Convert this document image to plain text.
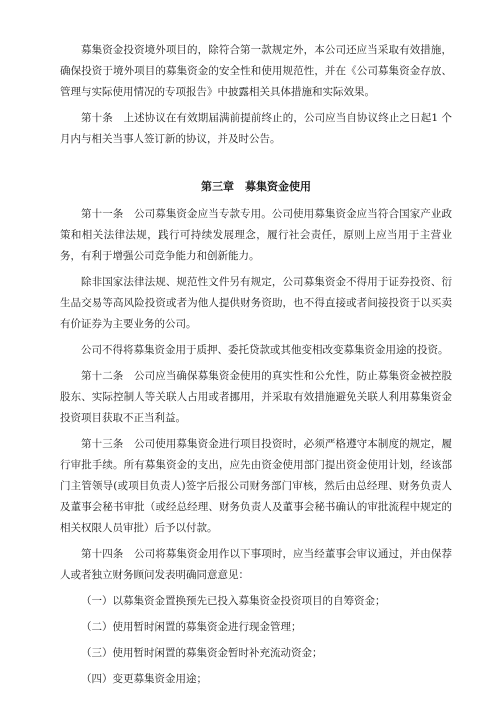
募集资金投资境外项目的，除符合第一款规定外，本公司还应当采取有效措施，确保投资于境外项目的募集资金的安全性和使用规范性，并在《公司募集资金存放、管理与实际使用情况的专项报告》中披露相关具体措施和实际效果。

第十条　上述协议在有效期届满前提前终止的，公司应当自协议终止之日起1 个月内与相关当事人签订新的协议，并及时公告。

第三章　募集资金使用

第十一条　公司募集资金应当专款专用。公司使用募集资金应当符合国家产业政策和相关法律法规，践行可持续发展理念，履行社会责任，原则上应当用于主营业务，有利于增强公司竞争能力和创新能力。

除非国家法律法规、规范性文件另有规定，公司募集资金不得用于证券投资、衍生品交易等高风险投资或者为他人提供财务资助，也不得直接或者间接投资于以买卖有价证券为主要业务的公司。

公司不得将募集资金用于质押、委托贷款或其他变相改变募集资金用途的投资。

第十二条　公司应当确保募集资金使用的真实性和公允性，防止募集资金被控股股东、实际控制人等关联人占用或者挪用，并采取有效措施避免关联人利用募集资金投资项目获取不正当利益。

第十三条　公司使用募集资金进行项目投资时，必须严格遵守本制度的规定，履行审批手续。所有募集资金的支出，应先由资金使用部门提出资金使用计划，经该部门主管领导(或项目负责人)签字后报公司财务部门审核，然后由总经理、财务负责人及董事会秘书审批（或经总经理、财务负责人及董事会秘书确认的审批流程中规定的相关权限人员审批）后予以付款。

第十四条　公司将募集资金用作以下事项时，应当经董事会审议通过，并由保荐人或者独立财务顾问发表明确同意意见：

（一）以募集资金置换预先已投入募集资金投资项目的自筹资金；

（二）使用暂时闲置的募集资金进行现金管理；

（三）使用暂时闲置的募集资金暂时补充流动资金；

（四）变更募集资金用途；
